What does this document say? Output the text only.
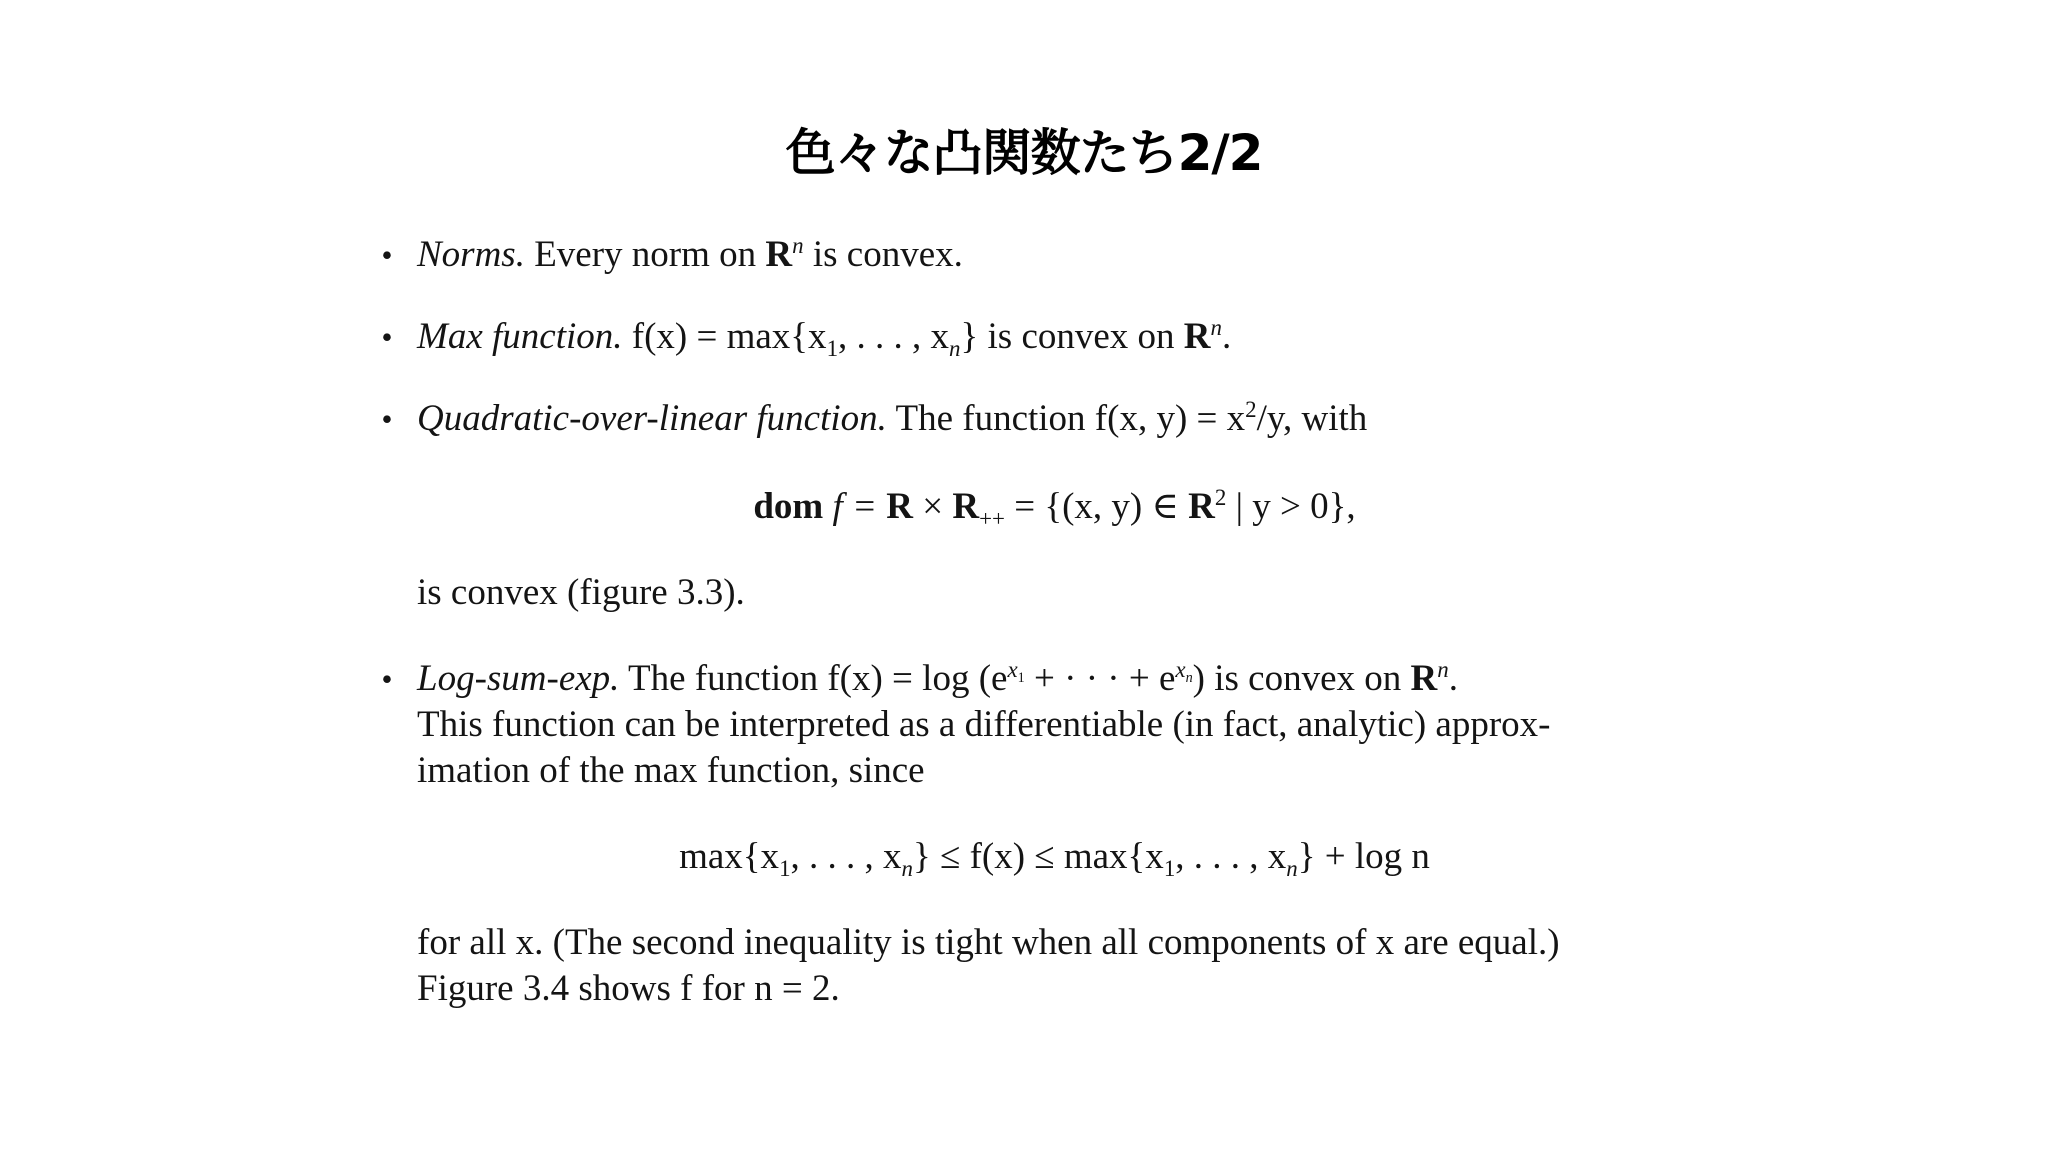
色々な凸関数たち2/2
• Norms. Every norm on $R^n$ is convex.
• Max function. $f(x) = \max\{x_1$, . . . , $x_n$} is convex on $R^n$.
• Quadratic-over-linear function. The function f(x, $y) = x^2/y$, with
dom $f = R \times R_{++} = \{(x$, y) ∈ $R^2$ | y > 0},
is convex (figure 3.3).
• Log-sum-exp. The function $f(x) = \log (e^{x_1}$ + · · · + $e^{x_n}$) is convex on $R^n$.
This function can be interpreted as a differentiable (in fact, analytic) approx-
imation of the max function, since
$\max\{x_1$, . . . , $x_n\} \le f(x) \le \max\{x_1$, . . . , $x_n\} + \log n$
for all x. (The second inequality is tight when all components of x are equal.)
Figure 3.4 shows f for n = 2.
